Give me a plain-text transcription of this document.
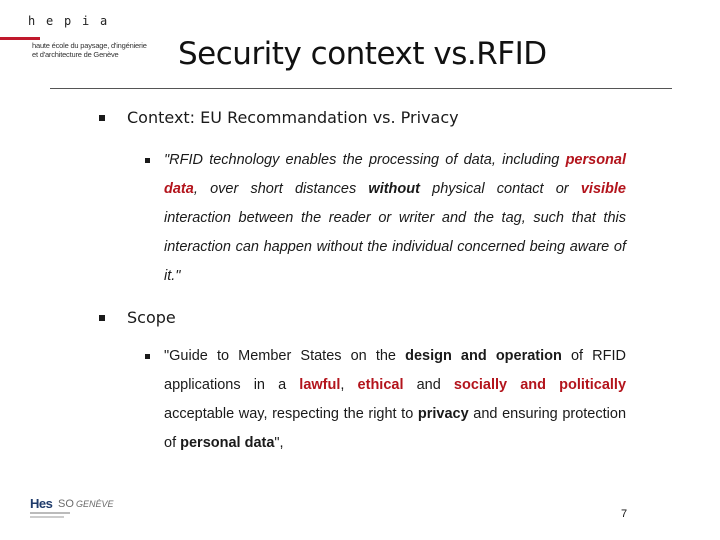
h e p i a
haute école du paysage, d'ingénierie
et d'architecture de Genève	Security context vs.RFID
Context: EU Recommandation vs. Privacy
"RFID technology enables the processing of data, including personal data, over short distances without physical contact or visible interaction between the reader or writer and the tag, such that this interaction can happen without the individual concerned being aware of it."
Scope
"Guide to Member States on the design and operation of RFID applications in a lawful, ethical and socially and politically acceptable way, respecting the right to privacy and ensuring protection of personal data",
Hes SO GENÈVE
7
